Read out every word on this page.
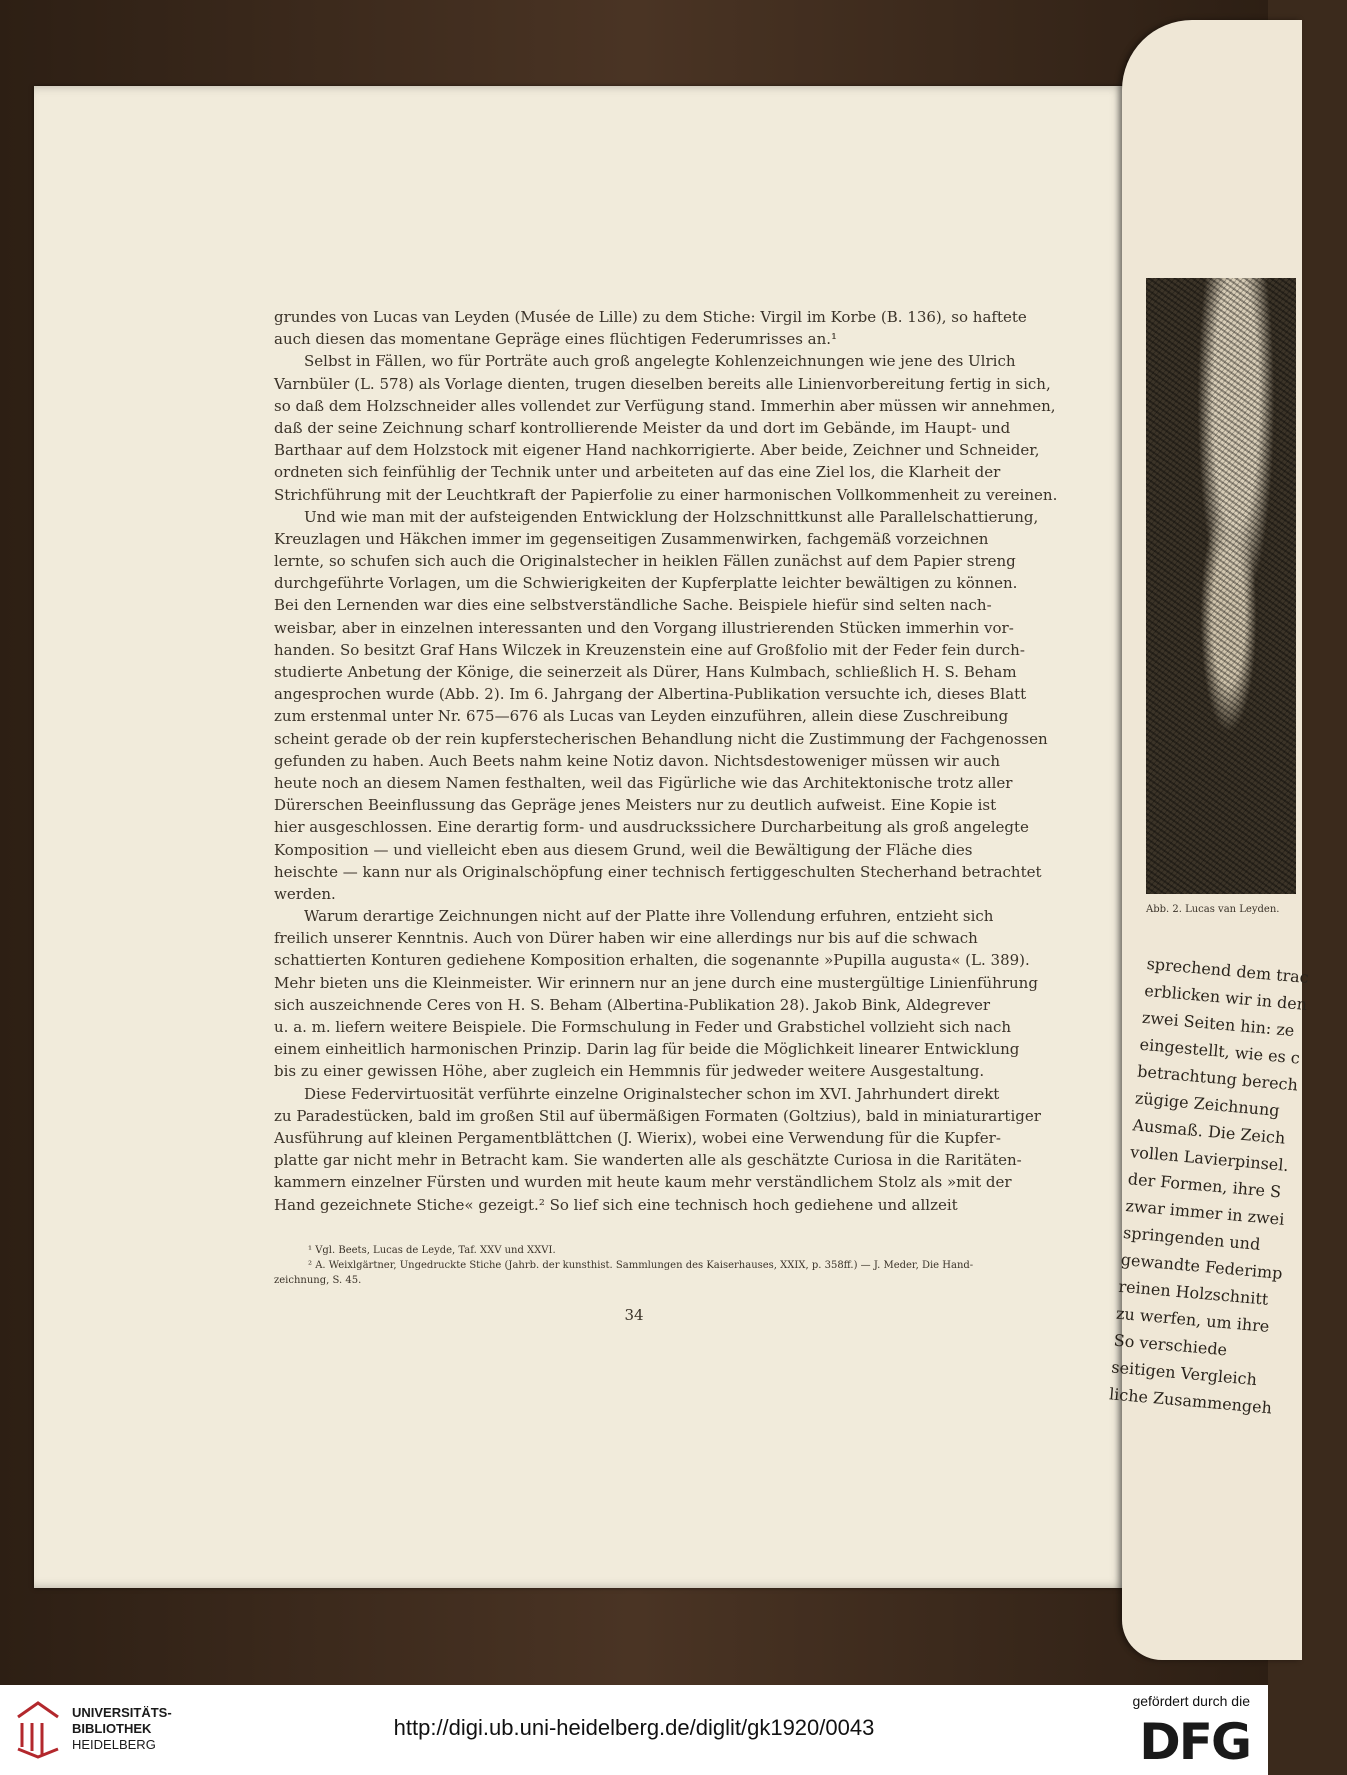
Abb. 2. Lucas van Leyden.
sprechend dem trac
erblicken wir in den
zwei Seiten hin: ze
eingestellt, wie es c
betrachtung berech
zügige Zeichnung
Ausmaß. Die Zeich
vollen Lavierpinsel.
der Formen, ihre S
zwar immer in zwei
springenden und
gewandte Federimp
reinen Holzschnitt
zu werfen, um ihre
So verschiede
seitigen Vergleich
liche Zusammengeh
grundes von Lucas van Leyden (Musée de Lille) zu dem Stiche: Virgil im Korbe (B. 136), so haftete
auch diesen das momentane Gepräge eines flüchtigen Federumrisses an.¹
Selbst in Fällen, wo für Porträte auch groß angelegte Kohlenzeichnungen wie jene des Ulrich
Varnbüler (L. 578) als Vorlage dienten, trugen dieselben bereits alle Linienvorbereitung fertig in sich,
so daß dem Holzschneider alles vollendet zur Verfügung stand. Immerhin aber müssen wir annehmen,
daß der seine Zeichnung scharf kontrollierende Meister da und dort im Gebände, im Haupt- und
Barthaar auf dem Holzstock mit eigener Hand nachkorrigierte. Aber beide, Zeichner und Schneider,
ordneten sich feinfühlig der Technik unter und arbeiteten auf das eine Ziel los, die Klarheit der
Strichführung mit der Leuchtkraft der Papierfolie zu einer harmonischen Vollkommenheit zu vereinen.
Und wie man mit der aufsteigenden Entwicklung der Holzschnittkunst alle Parallelschattierung,
Kreuzlagen und Häkchen immer im gegenseitigen Zusammenwirken, fachgemäß vorzeichnen
lernte, so schufen sich auch die Originalstecher in heiklen Fällen zunächst auf dem Papier streng
durchgeführte Vorlagen, um die Schwierigkeiten der Kupferplatte leichter bewältigen zu können.
Bei den Lernenden war dies eine selbstverständliche Sache. Beispiele hiefür sind selten nach-
weisbar, aber in einzelnen interessanten und den Vorgang illustrierenden Stücken immerhin vor-
handen. So besitzt Graf Hans Wilczek in Kreuzenstein eine auf Großfolio mit der Feder fein durch-
studierte Anbetung der Könige, die seinerzeit als Dürer, Hans Kulmbach, schließlich H. S. Beham
angesprochen wurde (Abb. 2). Im 6. Jahrgang der Albertina-Publikation versuchte ich, dieses Blatt
zum erstenmal unter Nr. 675—676 als Lucas van Leyden einzuführen, allein diese Zuschreibung
scheint gerade ob der rein kupferstecherischen Behandlung nicht die Zustimmung der Fachgenossen
gefunden zu haben. Auch Beets nahm keine Notiz davon. Nichtsdestoweniger müssen wir auch
heute noch an diesem Namen festhalten, weil das Figürliche wie das Architektonische trotz aller
Dürerschen Beeinflussung das Gepräge jenes Meisters nur zu deutlich aufweist. Eine Kopie ist
hier ausgeschlossen. Eine derartig form- und ausdruckssichere Durcharbeitung als groß angelegte
Komposition — und vielleicht eben aus diesem Grund, weil die Bewältigung der Fläche dies
heischte — kann nur als Originalschöpfung einer technisch fertiggeschulten Stecherhand betrachtet
werden.
Warum derartige Zeichnungen nicht auf der Platte ihre Vollendung erfuhren, entzieht sich
freilich unserer Kenntnis. Auch von Dürer haben wir eine allerdings nur bis auf die schwach
schattierten Konturen gediehene Komposition erhalten, die sogenannte »Pupilla augusta« (L. 389).
Mehr bieten uns die Kleinmeister. Wir erinnern nur an jene durch eine mustergültige Linienführung
sich auszeichnende Ceres von H. S. Beham (Albertina-Publikation 28). Jakob Bink, Aldegrever
u. a. m. liefern weitere Beispiele. Die Formschulung in Feder und Grabstichel vollzieht sich nach
einem einheitlich harmonischen Prinzip. Darin lag für beide die Möglichkeit linearer Entwicklung
bis zu einer gewissen Höhe, aber zugleich ein Hemmnis für jedweder weitere Ausgestaltung.
Diese Federvirtuosität verführte einzelne Originalstecher schon im XVI. Jahrhundert direkt
zu Paradestücken, bald im großen Stil auf übermäßigen Formaten (Goltzius), bald in miniaturartiger
Ausführung auf kleinen Pergamentblättchen (J. Wierix), wobei eine Verwendung für die Kupfer-
platte gar nicht mehr in Betracht kam. Sie wanderten alle als geschätzte Curiosa in die Raritäten-
kammern einzelner Fürsten und wurden mit heute kaum mehr verständlichem Stolz als »mit der
Hand gezeichnete Stiche« gezeigt.² So lief sich eine technisch hoch gediehene und allzeit
¹ Vgl. Beets, Lucas de Leyde, Taf. XXV und XXVI.
² A. Weixlgärtner, Ungedruckte Stiche (Jahrb. der kunsthist. Sammlungen des Kaiserhauses, XXIX, p. 358ff.) — J. Meder, Die Hand-
zeichnung, S. 45.
34
UNIVERSITÄTS-
BIBLIOTHEK
HEIDELBERG
http://digi.ub.uni-heidelberg.de/diglit/gk1920/0043
gefördert durch die
DFG
